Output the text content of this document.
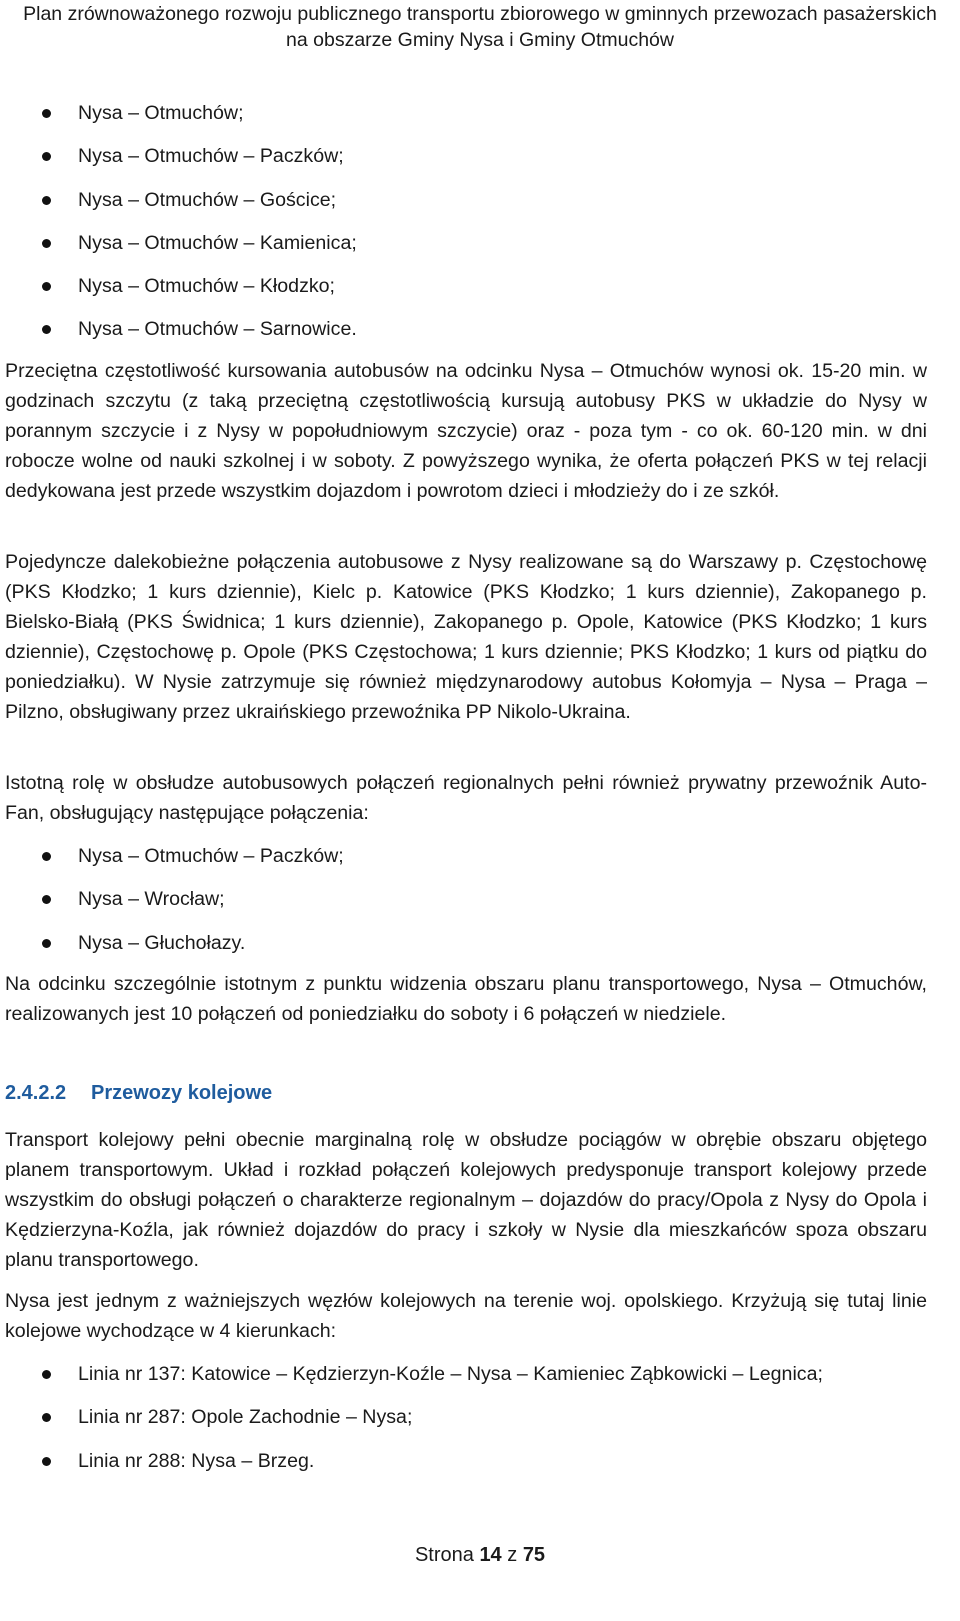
Plan zrównoważonego rozwoju publicznego transportu zbiorowego w gminnych przewozach pasażerskich
na obszarze Gminy Nysa i Gminy Otmuchów
Nysa – Otmuchów;
Nysa – Otmuchów – Paczków;
Nysa – Otmuchów – Gościce;
Nysa – Otmuchów – Kamienica;
Nysa – Otmuchów – Kłodzko;
Nysa – Otmuchów – Sarnowice.

Przeciętna częstotliwość kursowania autobusów na odcinku Nysa – Otmuchów wynosi ok. 15-20 min. w godzinach szczytu (z taką przeciętną częstotliwością kursują autobusy PKS w układzie do Nysy w porannym szczycie i z Nysy w popołudniowym szczycie) oraz - poza tym - co ok. 60-120 min. w dni robocze wolne od nauki szkolnej i w soboty. Z powyższego wynika, że oferta połączeń PKS w tej relacji dedykowana jest przede wszystkim dojazdom i powrotom dzieci i młodzieży do i ze szkół.

Pojedyncze dalekobieżne połączenia autobusowe z Nysy realizowane są do Warszawy p. Częstochowę (PKS Kłodzko; 1 kurs dziennie), Kielc p. Katowice (PKS Kłodzko; 1 kurs dziennie), Zakopanego p. Bielsko-Białą (PKS Świdnica; 1 kurs dziennie), Zakopanego p. Opole, Katowice (PKS Kłodzko; 1 kurs dziennie), Częstochowę p. Opole (PKS Częstochowa; 1 kurs dziennie; PKS Kłodzko; 1 kurs od piątku do poniedziałku). W Nysie zatrzymuje się również międzynarodowy autobus Kołomyja – Nysa – Praga – Pilzno, obsługiwany przez ukraińskiego przewoźnika PP Nikolo-Ukraina.

Istotną rolę w obsłudze autobusowych połączeń regionalnych pełni również prywatny przewoźnik Auto-Fan, obsługujący następujące połączenia:

Nysa – Otmuchów – Paczków;
Nysa – Wrocław;
Nysa – Głuchołazy.

Na odcinku szczególnie istotnym z punktu widzenia obszaru planu transportowego, Nysa – Otmuchów, realizowanych jest 10 połączeń od poniedziałku do soboty i 6 połączeń w niedziele.

2.4.2.2 Przewozy kolejowe

Transport kolejowy pełni obecnie marginalną rolę w obsłudze pociągów w obrębie obszaru objętego planem transportowym. Układ i rozkład połączeń kolejowych predysponuje transport kolejowy przede wszystkim do obsługi połączeń o charakterze regionalnym – dojazdów do pracy/Opola z Nysy do Opola i Kędzierzyna-Koźla, jak również dojazdów do pracy i szkoły w Nysie dla mieszkańców spoza obszaru planu transportowego.

Nysa jest jednym z ważniejszych węzłów kolejowych na terenie woj. opolskiego. Krzyżują się tutaj linie kolejowe wychodzące w 4 kierunkach:

Linia nr 137: Katowice – Kędzierzyn-Koźle – Nysa – Kamieniec Ząbkowicki – Legnica;
Linia nr 287: Opole Zachodnie – Nysa;
Linia nr 288: Nysa – Brzeg.
Strona 14 z 75
